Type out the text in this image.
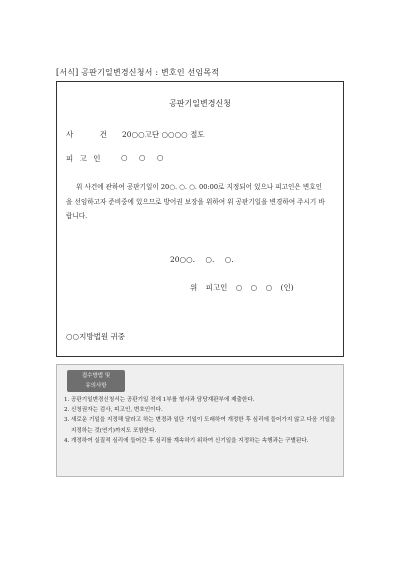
[서식] 공판기일변경신청서 : 변호인 선임목적
공판기일변경신청
사 건 20○○고단 ○○○○ 절도
피 고 인 ○ ○ ○
위 사건에 관하여 공판기일이 20○. ○. ○. 00:00로 지정되어 있으나 피고인은 변호인을 선임하고자 준비중에 있으므로 방어권 보장을 위하여 위 공판기일을 변경하여 주시기 바랍니다.
20○○. ○. ○.
위 피고인 ○ ○ ○ (인)
○○지방법원 귀중
접수방법 및
유의사항
1. 공판기일변경신청서는 공판기일 전에 1부를 형사과 담당재판부에 제출한다.
2. 신청권자는 검사, 피고인, 변호인이다.
3. 새로운 기일을 지정해 달라고 하는 변경과 일단 기일이 도래하여 개정한 후 심리에 들어가지 않고 다음 기일을 지정하는 것(연기)까지도 포함한다.
4. 개정하여 실질적 심리에 들어간 후 심리를 계속하기 위하여 신기일을 지정하는 속행과는 구별된다.
